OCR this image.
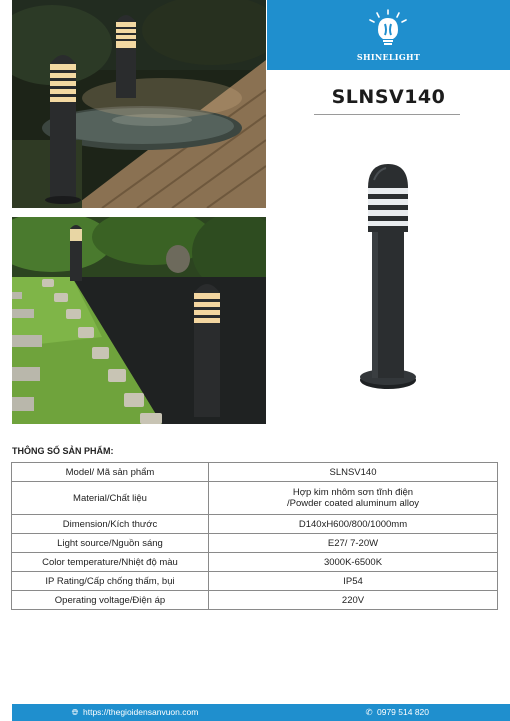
SHINELIGHT
SLNSV140
THÔNG SỐ SẢN PHẨM:
Model/ Mã sản phẩm	SLNSV140
Material/Chất liệu	Hợp kim nhôm sơn tĩnh điện
/Powder coated aluminum alloy

Dimension/Kích thước	D140xH600/800/1000mm
Light source/Nguồn sáng	E27/ 7-20W
Color temperature/Nhiệt độ màu	3000K-6500K
IP Rating/Cấp chống thấm, bụi	IP54
Operating voltage/Điện áp	220V
🌐︎ https://thegioidensanvuon.com	✆ 0979 514 820
